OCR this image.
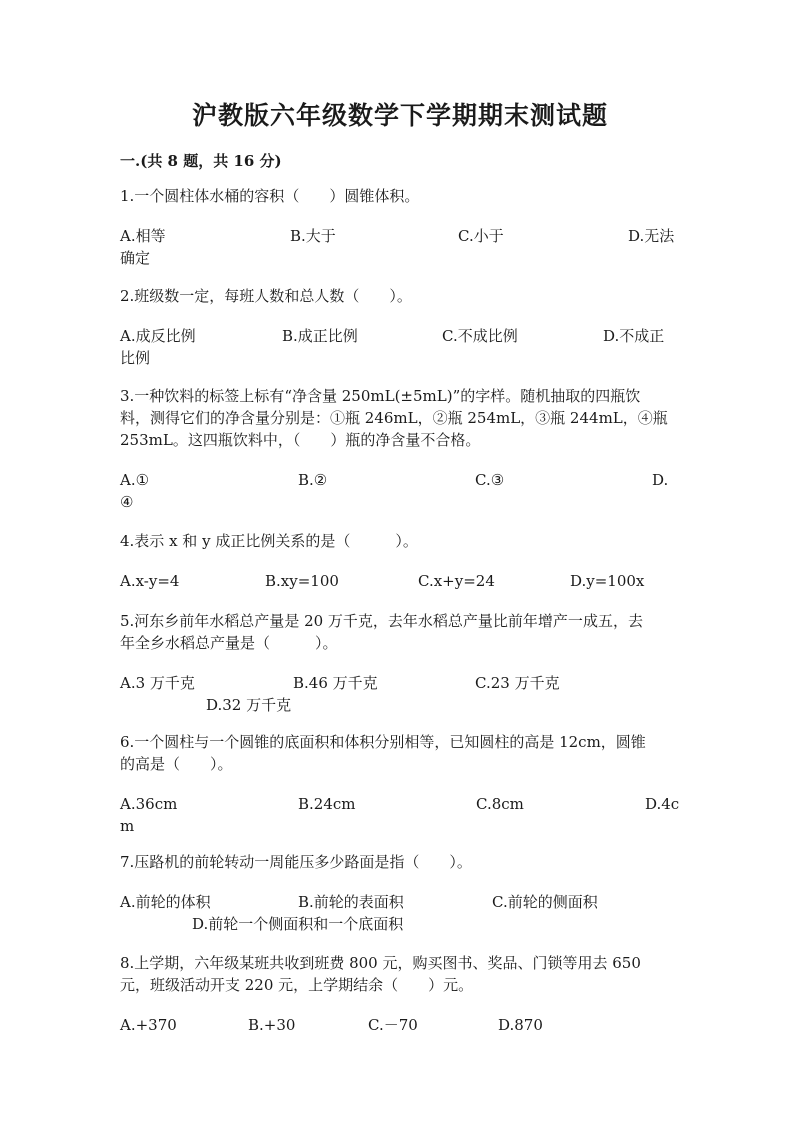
沪教版六年级数学下学期期末测试题
一.(共 8 题，共 16 分)
1.一个圆柱体水桶的容积（　　）圆锥体积。
A.相等	B.大于	C.小于	D.无法
确定
2.班级数一定，每班人数和总人数（　　）。
A.成反比例	B.成正比例	C.不成比例	D.不成正
比例
3.一种饮料的标签上标有“净含量 250mL(±5mL)”的字样。随机抽取的四瓶饮
料，测得它们的净含量分别是：①瓶 246mL，②瓶 254mL，③瓶 244mL，④瓶
253mL。这四瓶饮料中，（　　）瓶的净含量不合格。
A.①	B.②	C.③	D.
④
4.表示 x 和 y 成正比例关系的是（　　　）。
A.x-y=4	B.xy=100	C.x+y=24	D.y=100x
5.河东乡前年水稻总产量是 20 万千克，去年水稻总产量比前年增产一成五，去
年全乡水稻总产量是（　　　）。
A.3 万千克	B.46 万千克	C.23 万千克
D.32 万千克
6.一个圆柱与一个圆锥的底面积和体积分别相等，已知圆柱的高是 12cm，圆锥
的高是（　　）。
A.36cm	B.24cm	C.8cm	D.4c
m
7.压路机的前轮转动一周能压多少路面是指（　　）。
A.前轮的体积	B.前轮的表面积	C.前轮的侧面积
D.前轮一个侧面积和一个底面积
8.上学期，六年级某班共收到班费 800 元，购买图书、奖品、门锁等用去 650
元，班级活动开支 220 元，上学期结余（　　）元。
A.+370	B.+30	C.－70	D.870
